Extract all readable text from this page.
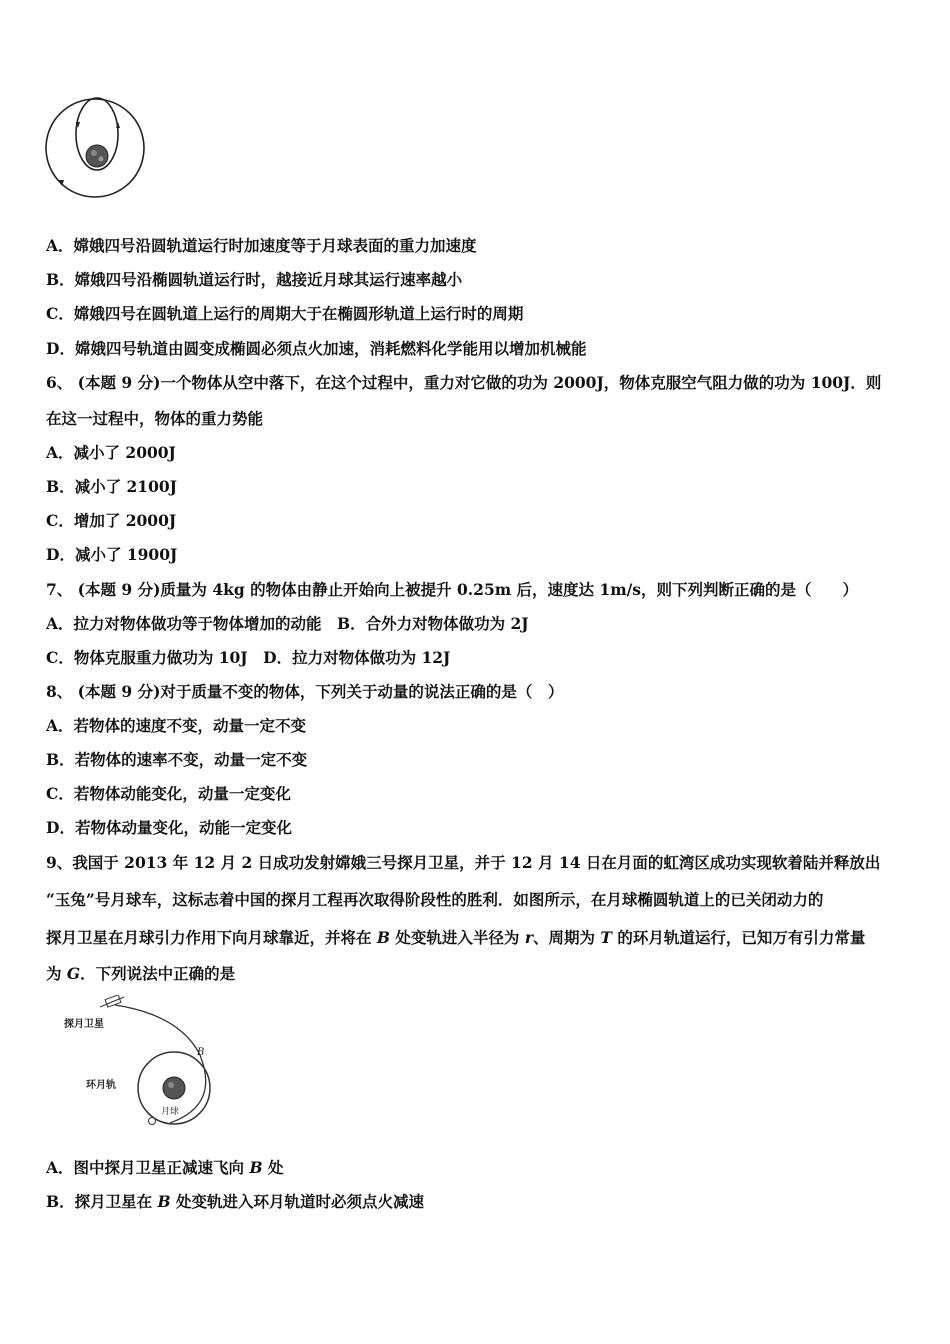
A．嫦娥四号沿圆轨道运行时加速度等于月球表面的重力加速度
B．嫦娥四号沿椭圆轨道运行时，越接近月球其运行速率越小
C．嫦娥四号在圆轨道上运行的周期大于在椭圆形轨道上运行时的周期
D．嫦娥四号轨道由圆变成椭圆必须点火加速，消耗燃料化学能用以增加机械能
6、 (本题 9 分)一个物体从空中落下，在这个过程中，重力对它做的功为 2000J，物体克服空气阻力做的功为 100J．则
在这一过程中，物体的重力势能
A．减小了 2000J
B．减小了 2100J
C．增加了 2000J
D．减小了 1900J
7、 (本题 9 分)质量为 4kg 的物体由静止开始向上被提升 0.25m 后，速度达 1m/s，则下列判断正确的是（　　）
A．拉力对物体做功等于物体增加的动能　B．合外力对物体做功为 2J
C．物体克服重力做功为 10J　D．拉力对物体做功为 12J
8、 (本题 9 分)对于质量不变的物体，下列关于动量的说法正确的是（　）
A．若物体的速度不变，动量一定不变
B．若物体的速率不变，动量一定不变
C．若物体动能变化，动量一定变化
D．若物体动量变化，动能一定变化
9、我国于 2013 年 12 月 2 日成功发射嫦娥三号探月卫星，并于 12 月 14 日在月面的虹湾区成功实现软着陆并释放出
“玉兔”号月球车，这标志着中国的探月工程再次取得阶段性的胜利．如图所示，在月球椭圆轨道上的已关闭动力的
探月卫星在月球引力作用下向月球靠近，并将在 B 处变轨进入半径为 r、周期为 T 的环月轨道运行，已知万有引力常量
为 G．下列说法中正确的是
探月卫星
环月轨
月球
B
A．图中探月卫星正减速飞向 B 处
B．探月卫星在 B 处变轨进入环月轨道时必须点火减速
